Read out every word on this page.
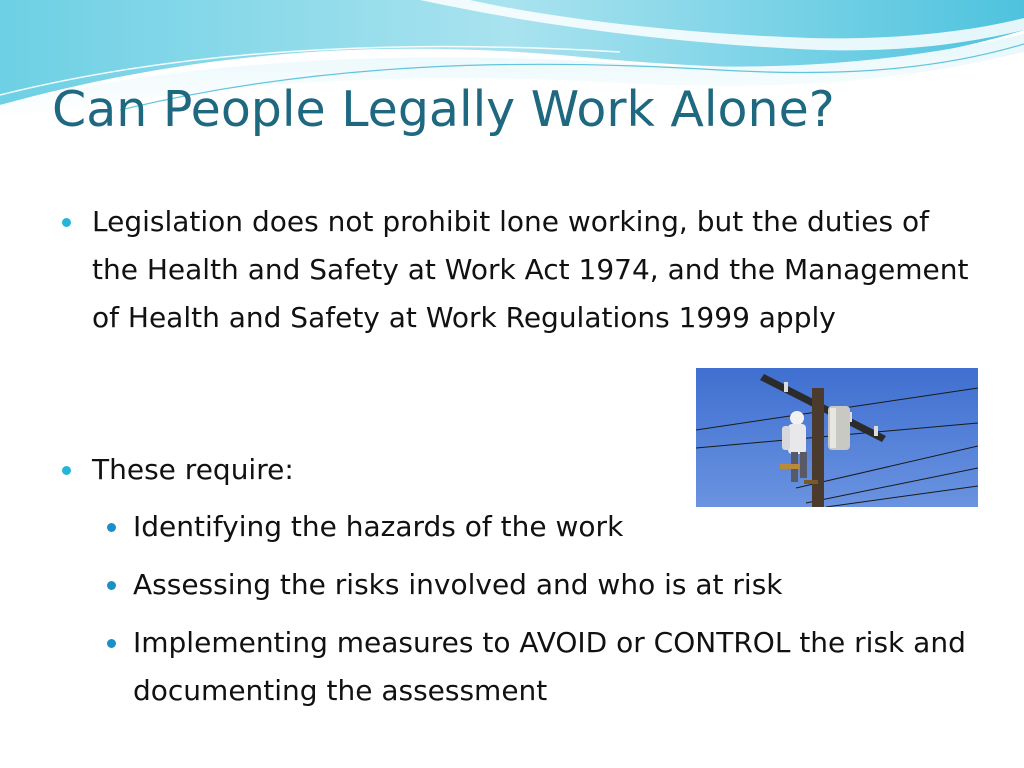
Can People Legally Work Alone?
Legislation does not prohibit lone working, but the duties of the Health and Safety at Work Act 1974, and the Management of Health and Safety at Work Regulations 1999 apply
These require:
Identifying the hazards of the work
Assessing the risks involved and who is at risk
Implementing measures to AVOID or CONTROL the risk and documenting the assessment
